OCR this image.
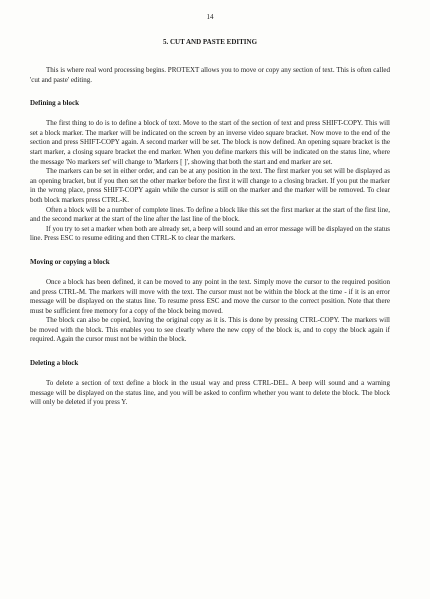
14
5. CUT AND PASTE EDITING

This is where real word processing begins. PROTEXT allows you to move or copy any section of text. This is often called 'cut and paste' editing.

Defining a block

The first thing to do is to define a block of text. Move to the start of the section of text and press SHIFT-COPY. This will set a block marker. The marker will be indicated on the screen by an inverse video square bracket. Now move to the end of the section and press SHIFT-COPY again. A second marker will be set. The block is now defined. An opening square bracket is the start marker, a closing square bracket the end marker. When you define markers this will be indicated on the status line, where the message 'No markers set' will change to 'Markers [ ]', showing that both the start and end marker are set.

The markers can be set in either order, and can be at any position in the text. The first marker you set will be displayed as an opening bracket, but if you then set the other marker before the first it will change to a closing bracket. If you put the marker in the wrong place, press SHIFT-COPY again while the cursor is still on the marker and the marker will be removed. To clear both block markers press CTRL-K.

Often a block will be a number of complete lines. To define a block like this set the first marker at the start of the first line, and the second marker at the start of the line after the last line of the block.

If you try to set a marker when both are already set, a beep will sound and an error message will be displayed on the status line. Press ESC to resume editing and then CTRL-K to clear the markers.

Moving or copying a block

Once a block has been defined, it can be moved to any point in the text. Simply move the cursor to the required position and press CTRL-M. The markers will move with the text. The cursor must not be within the block at the time - if it is an error message will be displayed on the status line. To resume press ESC and move the cursor to the correct position. Note that there must be sufficient free memory for a copy of the block being moved.

The block can also be copied, leaving the original copy as it is. This is done by pressing CTRL-COPY. The markers will be moved with the block. This enables you to see clearly where the new copy of the block is, and to copy the block again if required. Again the cursor must not be within the block.

Deleting a block

To delete a section of text define a block in the usual way and press CTRL-DEL. A beep will sound and a warning message will be displayed on the status line, and you will be asked to confirm whether you want to delete the block. The block will only be deleted if you press Y.
